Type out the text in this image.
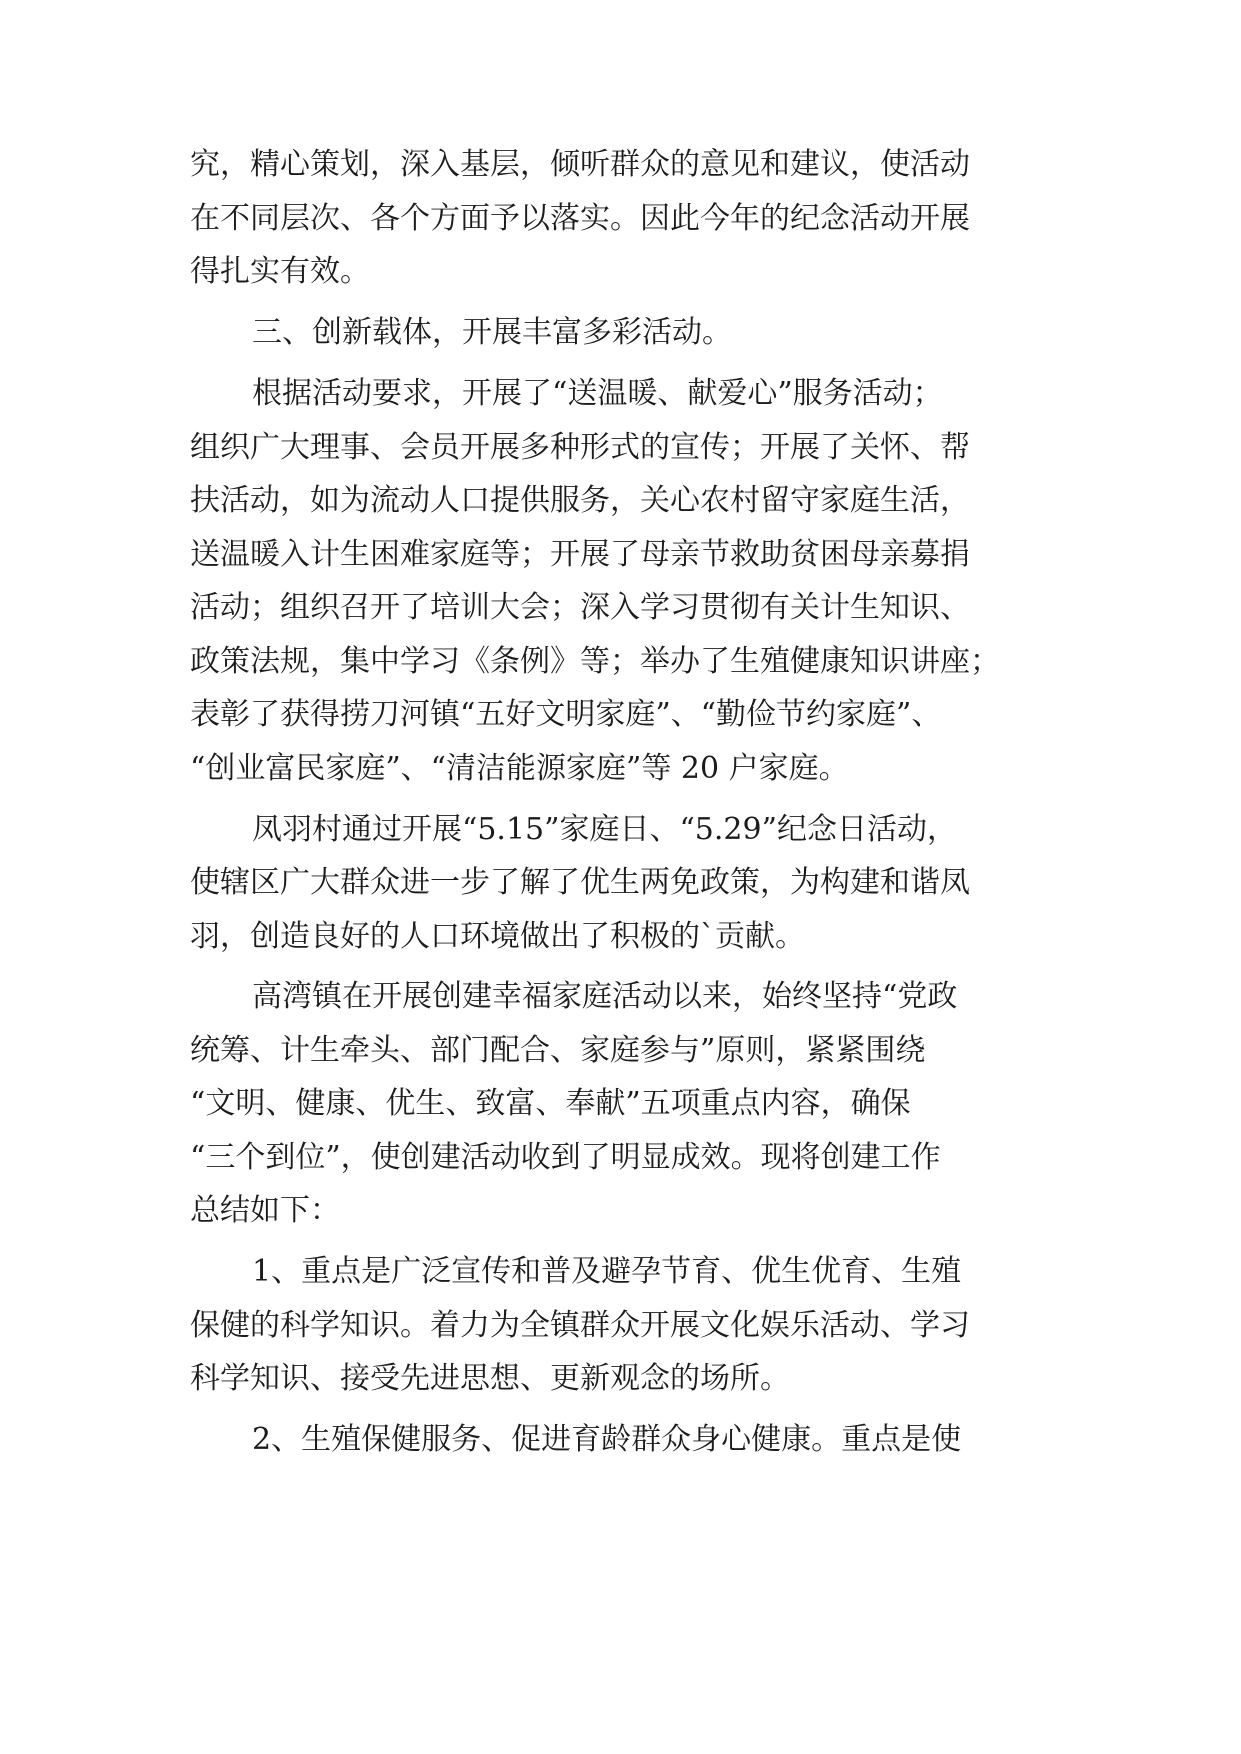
究，精心策划，深入基层，倾听群众的意见和建议，使活动

在不同层次、各个方面予以落实。因此今年的纪念活动开展

得扎实有效。

三、创新载体，开展丰富多彩活动。

根据活动要求，开展了“送温暖、献爱心”服务活动；

组织广大理事、会员开展多种形式的宣传；开展了关怀、帮

扶活动，如为流动人口提供服务，关心农村留守家庭生活，

送温暖入计生困难家庭等；开展了母亲节救助贫困母亲募捐

活动；组织召开了培训大会；深入学习贯彻有关计生知识、

政策法规，集中学习《条例》等；举办了生殖健康知识讲座；

表彰了获得捞刀河镇“五好文明家庭”、“勤俭节约家庭”、

“创业富民家庭”、“清洁能源家庭”等 20 户家庭。

凤羽村通过开展“5.15”家庭日、“5.29”纪念日活动，

使辖区广大群众进一步了解了优生两免政策，为构建和谐凤

羽，创造良好的人口环境做出了积极的`贡献。

高湾镇在开展创建幸福家庭活动以来，始终坚持“党政

统筹、计生牵头、部门配合、家庭参与”原则，紧紧围绕

“文明、健康、优生、致富、奉献”五项重点内容，确保

“三个到位”，使创建活动收到了明显成效。现将创建工作

总结如下：

1、重点是广泛宣传和普及避孕节育、优生优育、生殖

保健的科学知识。着力为全镇群众开展文化娱乐活动、学习

科学知识、接受先进思想、更新观念的场所。

2、生殖保健服务、促进育龄群众身心健康。重点是使
